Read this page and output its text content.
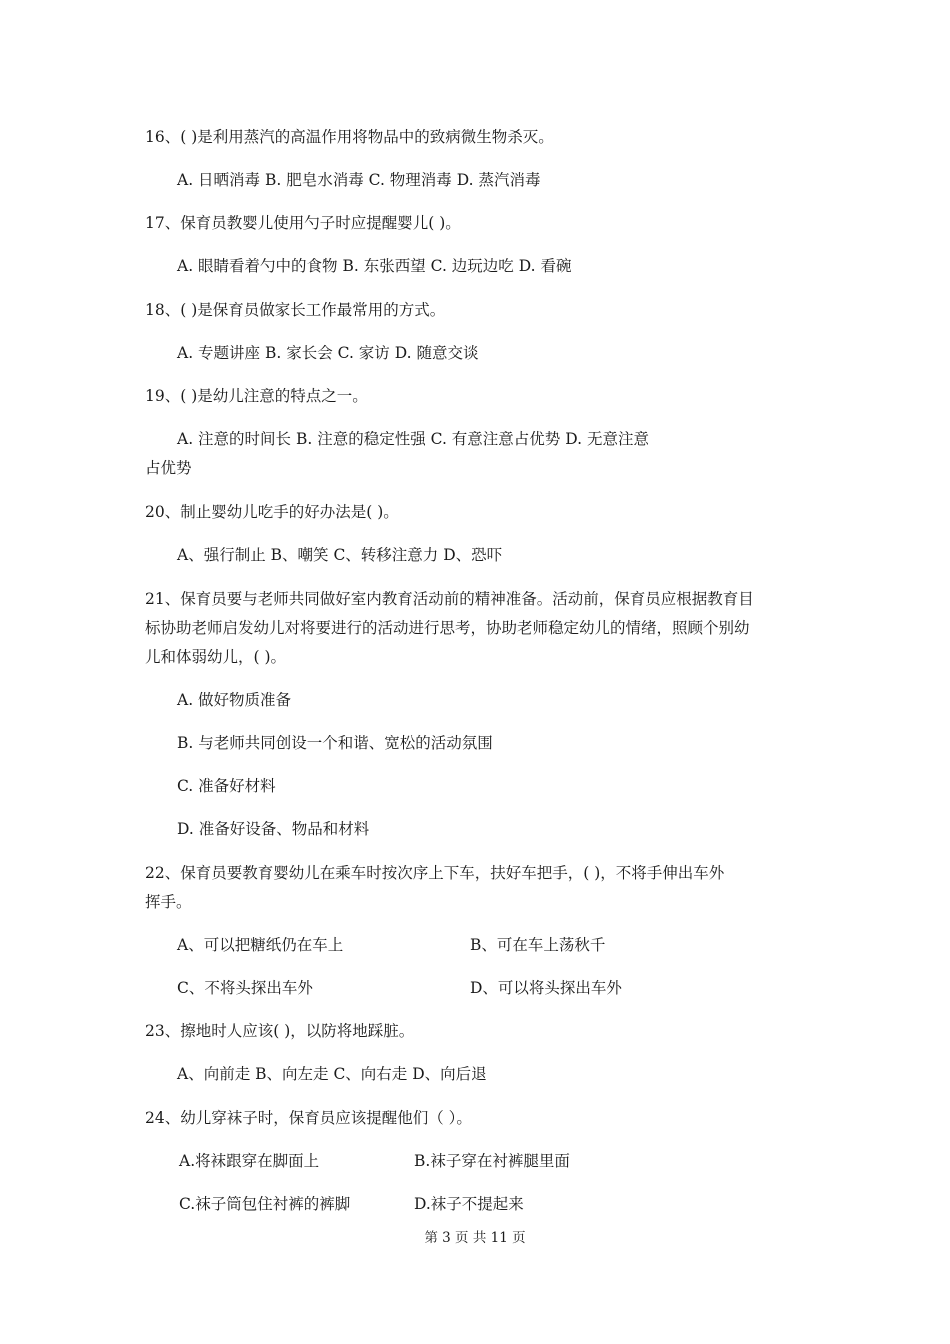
16、( )是利用蒸汽的高温作用将物品中的致病微生物杀灭。
A. 日晒消毒 B. 肥皂水消毒 C. 物理消毒 D. 蒸汽消毒
17、保育员教婴儿使用勺子时应提醒婴儿( )。
A. 眼睛看着勺中的食物 B. 东张西望 C. 边玩边吃 D. 看碗
18、( )是保育员做家长工作最常用的方式。
A. 专题讲座 B. 家长会 C. 家访 D. 随意交谈
19、( )是幼儿注意的特点之一。
A. 注意的时间长 B. 注意的稳定性强 C. 有意注意占优势 D. 无意注意
占优势
20、制止婴幼儿吃手的好办法是( )。
A、强行制止 B、嘲笑 C、转移注意力 D、恐吓
21、保育员要与老师共同做好室内教育活动前的精神准备。活动前，保育员应根据教育目
标协助老师启发幼儿对将要进行的活动进行思考，协助老师稳定幼儿的情绪，照顾个别幼
儿和体弱幼儿，( )。
A. 做好物质准备
B. 与老师共同创设一个和谐、宽松的活动氛围
C. 准备好材料
D. 准备好设备、物品和材料
22、保育员要教育婴幼儿在乘车时按次序上下车，扶好车把手，( )，不将手伸出车外
挥手。
A、可以把糖纸仍在车上	B、可在车上荡秋千
C、不将头探出车外	D、可以将头探出车外
23、擦地时人应该( )，以防将地踩脏。
A、向前走 B、向左走 C、向右走 D、向后退
24、幼儿穿袜子时，保育员应该提醒他们（ ）。
A.将袜跟穿在脚面上	B.袜子穿在衬裤腿里面
C.袜子筒包住衬裤的裤脚	D.袜子不提起来
第 3 页 共 11 页
